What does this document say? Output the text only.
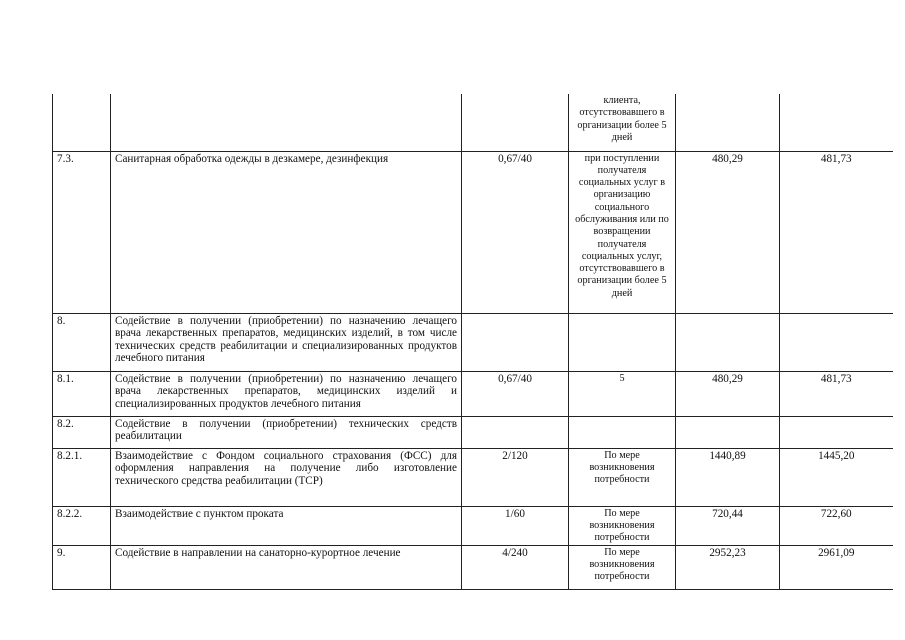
			клиента, отсутствовавшего в организации более 5 дней		
7.3.	Санитарная обработка одежды в дезкамере, дезинфекция	0,67/40	при поступлении получателя социальных услуг в организацию социального обслуживания или по возвращении получателя социальных услуг, отсутствовавшего в организации более 5 дней	480,29	481,73
8.	Содействие в получении (приобретении) по назначению лечащего врача лекарственных препаратов, медицинских изделий, в том числе технических средств реабилитации и специализированных продуктов лечебного питания				
8.1.	Содействие в получении (приобретении) по назначению лечащего врача лекарственных препаратов, медицинских изделий и специализированных продуктов лечебного питания	0,67/40	5	480,29	481,73
8.2.	Содействие в получении (приобретении) технических средств реабилитации				
8.2.1.	Взаимодействие с Фондом социального страхования (ФСС) для оформления направления на получение либо изготовление технического средства реабилитации (ТСР)	2/120	По мере возникновения потребности	1440,89	1445,20
8.2.2.	Взаимодействие с пунктом проката	1/60	По мере возникновения потребности	720,44	722,60
9.	Содействие в направлении на санаторно-курортное лечение	4/240	По мере возникновения потребности	2952,23	2961,09
